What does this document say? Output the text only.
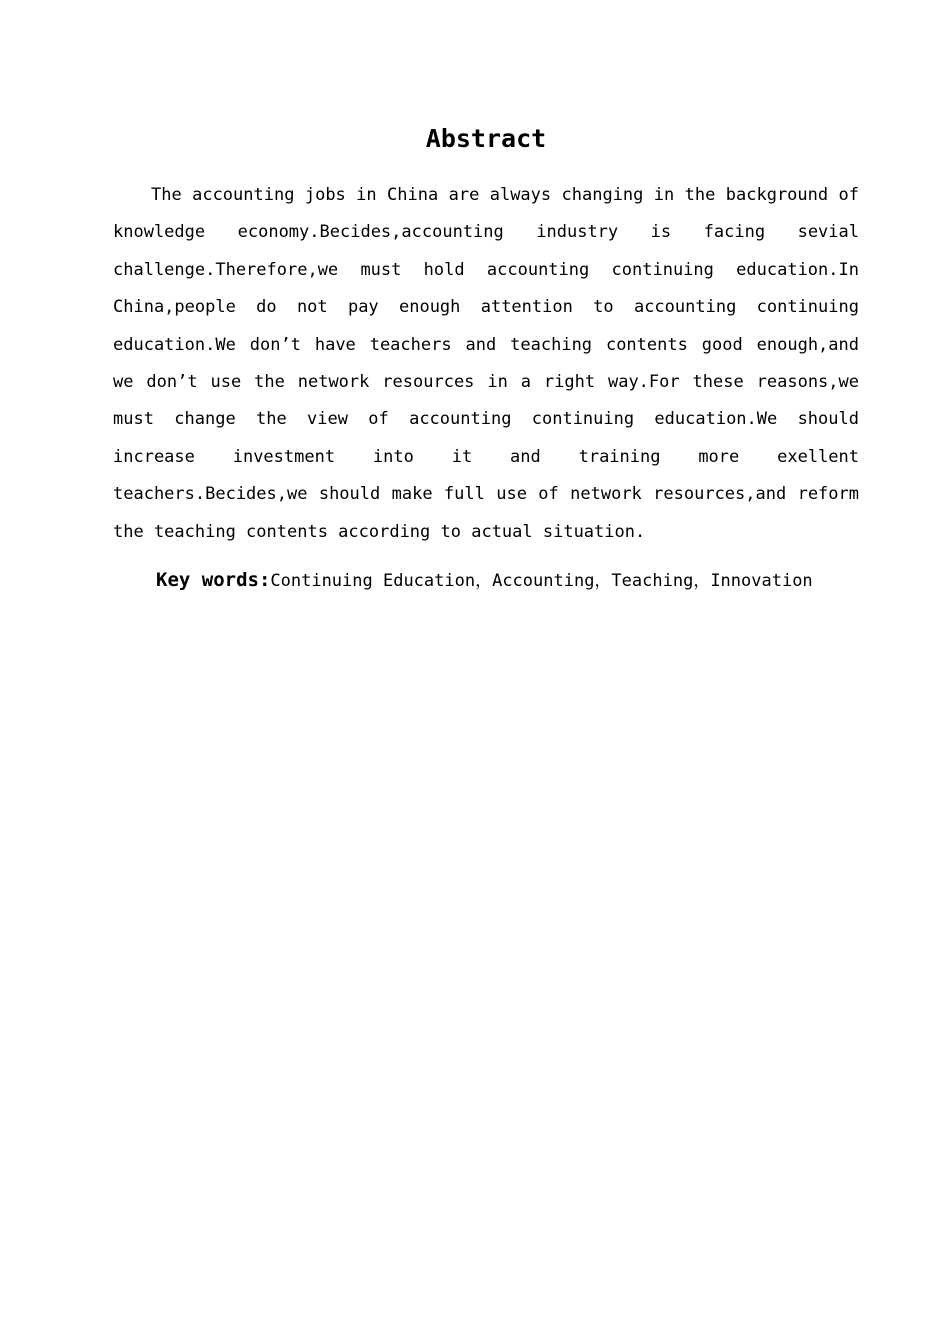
Abstract

The accounting jobs in China are always changing in the background of knowledge economy.Becides,accounting industry is facing sevial challenge.Therefore,we must hold accounting continuing education.In China,people do not pay enough attention to accounting continuing education.We don’t have teachers and teaching contents good enough,and we don’t use the network resources in a right way.For these reasons,we must change the view of accounting continuing education.We should increase investment into it and training more exellent teachers.Becides,we should make full use of network resources,and reform the teaching contents according to actual situation.

Key words:Continuing Education，Accounting，Teaching，Innovation
